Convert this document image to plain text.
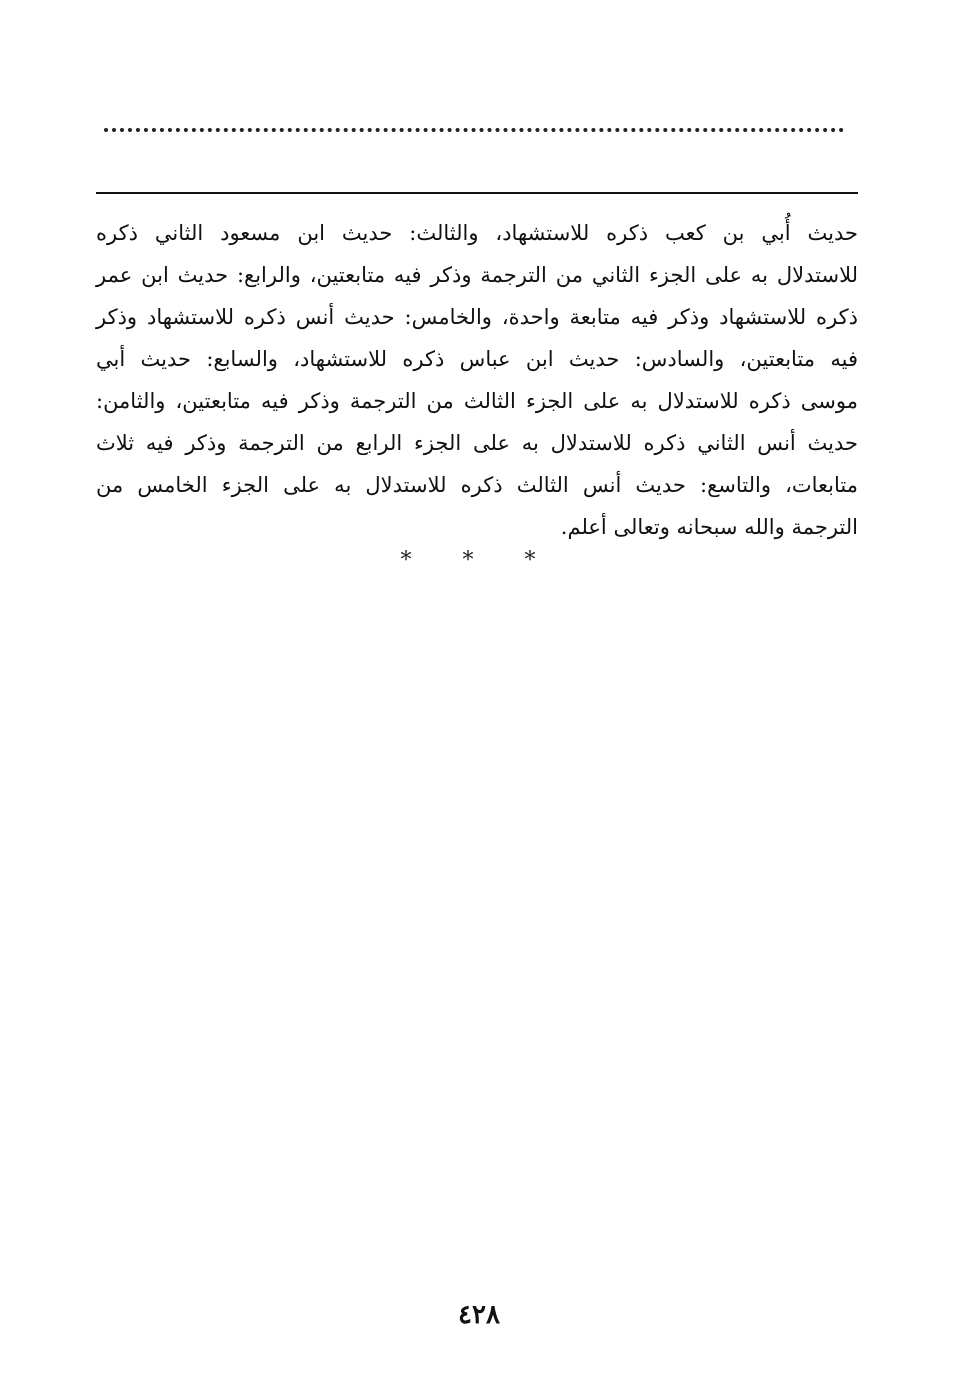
حديث أُبي بن كعب ذكره للاستشهاد، والثالث: حديث ابن مسعود الثاني ذكره
للاستدلال به على الجزء الثاني من الترجمة وذكر فيه متابعتين، والرابع: حديث ابن عمر
ذكره للاستشهاد وذكر فيه متابعة واحدة، والخامس: حديث أنس ذكره للاستشهاد وذكر
فيه متابعتين، والسادس: حديث ابن عباس ذكره للاستشهاد، والسابع: حديث أبي
موسى ذكره للاستدلال به على الجزء الثالث من الترجمة وذكر فيه متابعتين، والثامن:
حديث أنس الثاني ذكره للاستدلال به على الجزء الرابع من الترجمة وذكر فيه ثلاث
متابعات، والتاسع: حديث أنس الثالث ذكره للاستدلال به على الجزء الخامس من
الترجمة والله سبحانه وتعالى أعلم.
* * *
٤٢٨
